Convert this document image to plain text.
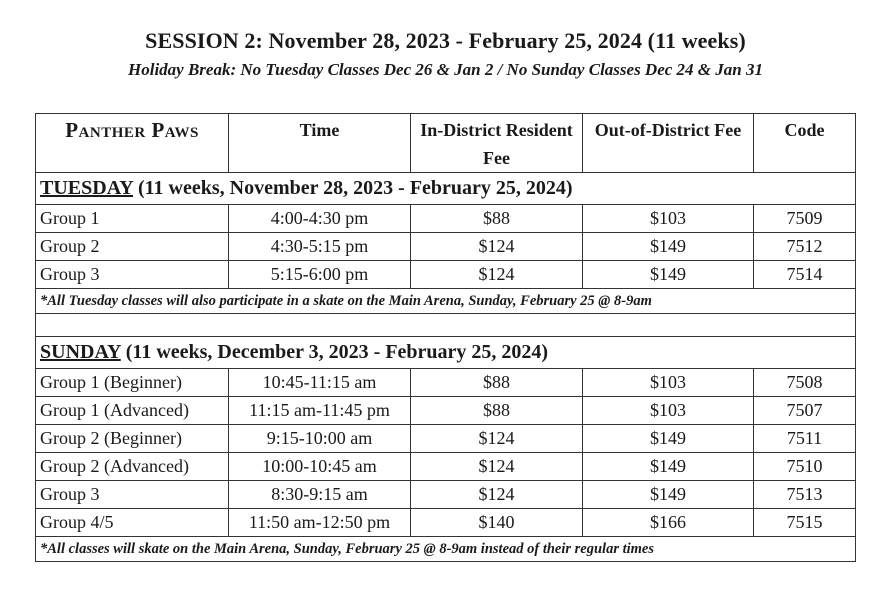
SESSION 2: November 28, 2023 - February 25, 2024 (11 weeks)
Holiday Break: No Tuesday Classes Dec 26 & Jan 2 / No Sunday Classes Dec 24 & Jan 31
Panther Paws	Time	In-District Resident Fee	Out-of-District Fee	Code
TUESDAY (11 weeks, November 28, 2023 - February 25, 2024)				
Group 1	4:00-4:30 pm	$88	$103	7509
Group 2	4:30-5:15 pm	$124	$149	7512
Group 3	5:15-6:00 pm	$124	$149	7514
*All Tuesday classes will also participate in a skate on the Main Arena, Sunday, February 25 @ 8-9am				

SUNDAY (11 weeks, December 3, 2023 - February 25, 2024)				
Group 1 (Beginner)	10:45-11:15 am	$88	$103	7508
Group 1 (Advanced)	11:15 am-11:45 pm	$88	$103	7507
Group 2 (Beginner)	9:15-10:00 am	$124	$149	7511
Group 2 (Advanced)	10:00-10:45 am	$124	$149	7510
Group 3	8:30-9:15 am	$124	$149	7513
Group 4/5	11:50 am-12:50 pm	$140	$166	7515
*All classes will skate on the Main Arena, Sunday, February 25 @ 8-9am instead of their regular times				
